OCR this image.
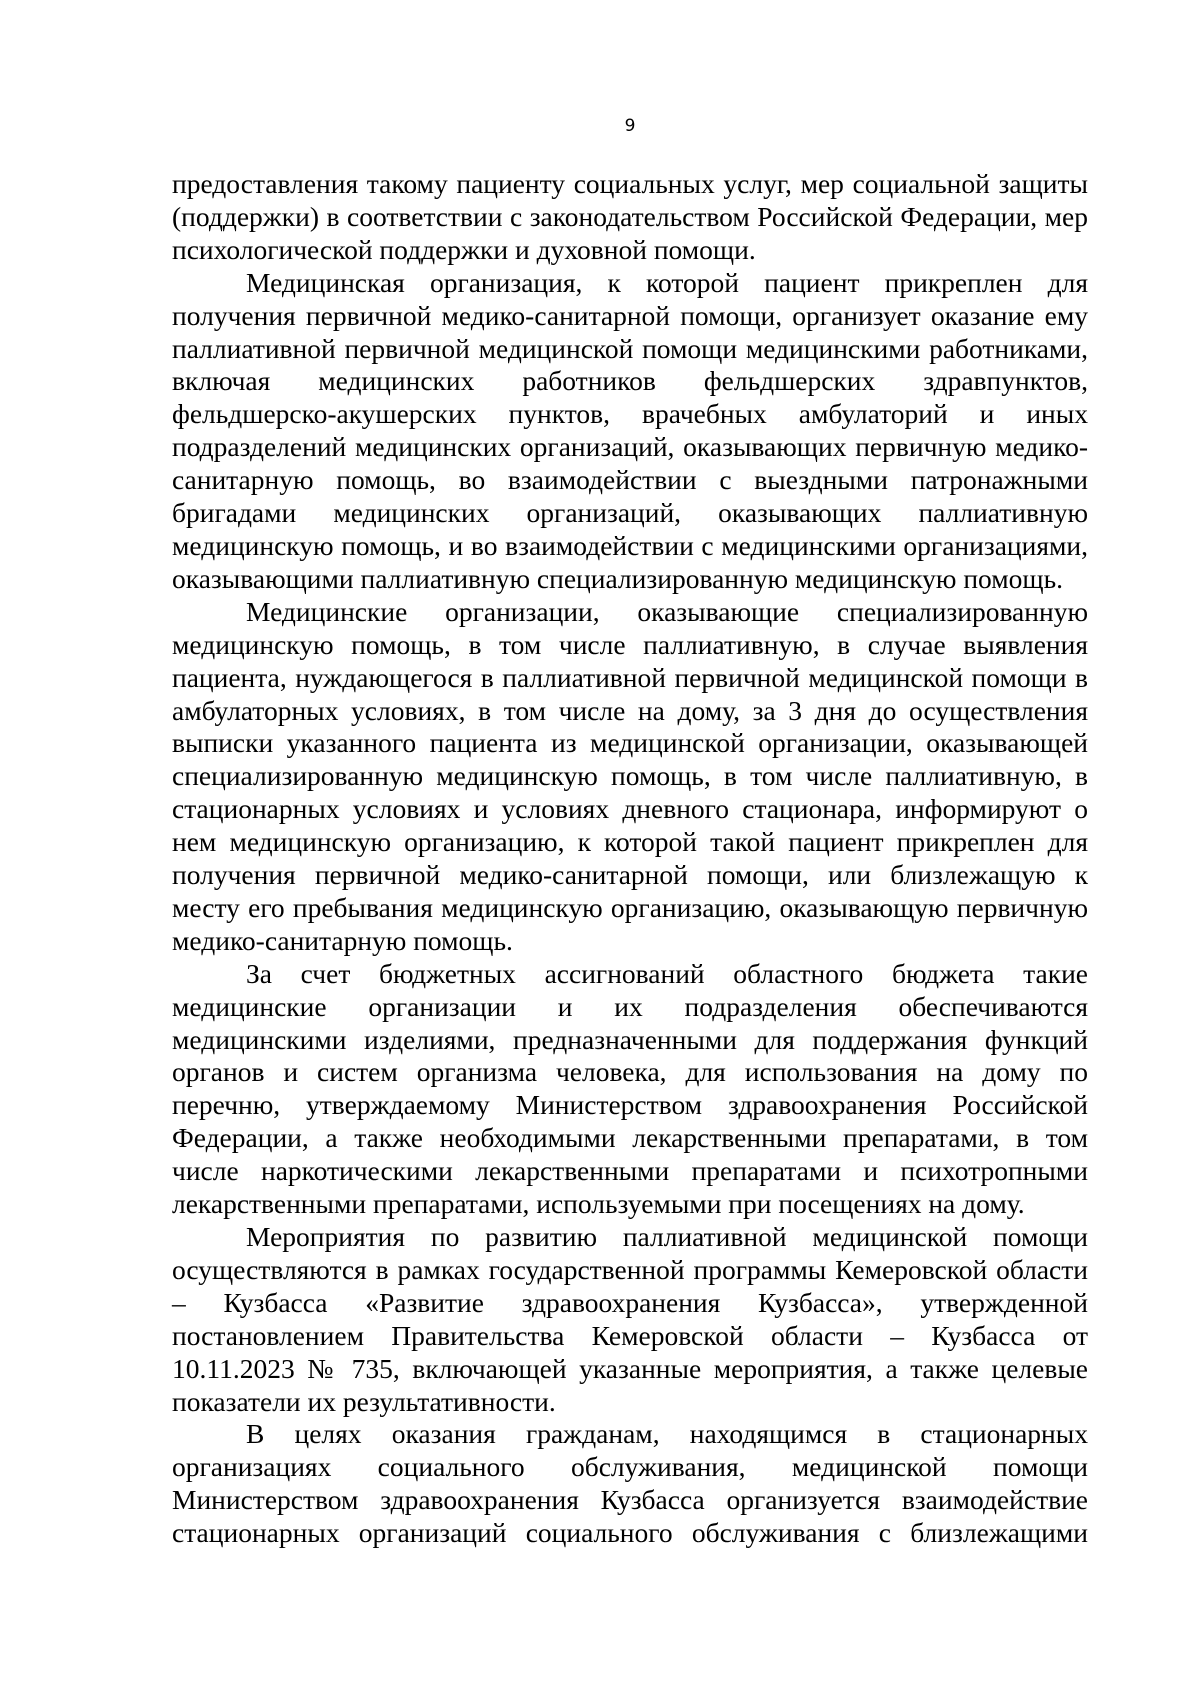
9

предоставления такому пациенту социальных услуг, мер социальной защиты (поддержки) в соответствии с законодательством Российской Федерации, мер психологической поддержки и духовной помощи.

Медицинская организация, к которой пациент прикреплен для получения первичной медико-санитарной помощи, организует оказание ему паллиативной первичной медицинской помощи медицинскими работниками, включая медицинских работников фельдшерских здравпунктов, фельдшерско-акушерских пунктов, врачебных амбулаторий и иных подразделений медицинских организаций, оказывающих первичную медико-санитарную помощь, во взаимодействии с выездными патронажными бригадами медицинских организаций, оказывающих паллиативную медицинскую помощь, и во взаимодействии с медицинскими организациями, оказывающими паллиативную специализированную медицинскую помощь.

Медицинские организации, оказывающие специализированную медицинскую помощь, в том числе паллиативную, в случае выявления пациента, нуждающегося в паллиативной первичной медицинской помощи в амбулаторных условиях, в том числе на дому, за 3 дня до осуществления выписки указанного пациента из медицинской организации, оказывающей специализированную медицинскую помощь, в том числе паллиативную, в стационарных условиях и условиях дневного стационара, информируют о нем медицинскую организацию, к которой такой пациент прикреплен для получения первичной медико-санитарной помощи, или близлежащую к месту его пребывания медицинскую организацию, оказывающую первичную медико-санитарную помощь.

За счет бюджетных ассигнований областного бюджета такие медицинские организации и их подразделения обеспечиваются медицинскими изделиями, предназначенными для поддержания функций органов и систем организма человека, для использования на дому по перечню, утверждаемому Министерством здравоохранения Российской Федерации, а также необходимыми лекарственными препаратами, в том числе наркотическими лекарственными препаратами и психотропными лекарственными препаратами, используемыми при посещениях на дому.

Мероприятия по развитию паллиативной медицинской помощи осуществляются в рамках государственной программы Кемеровской области – Кузбасса «Развитие здравоохранения Кузбасса», утвержденной постановлением Правительства Кемеровской области – Кузбасса от 10.11.2023 № 735, включающей указанные мероприятия, а также целевые показатели их результативности.

В целях оказания гражданам, находящимся в стационарных организациях социального обслуживания, медицинской помощи Министерством здравоохранения Кузбасса организуется взаимодействие стационарных организаций социального обслуживания с близлежащими
